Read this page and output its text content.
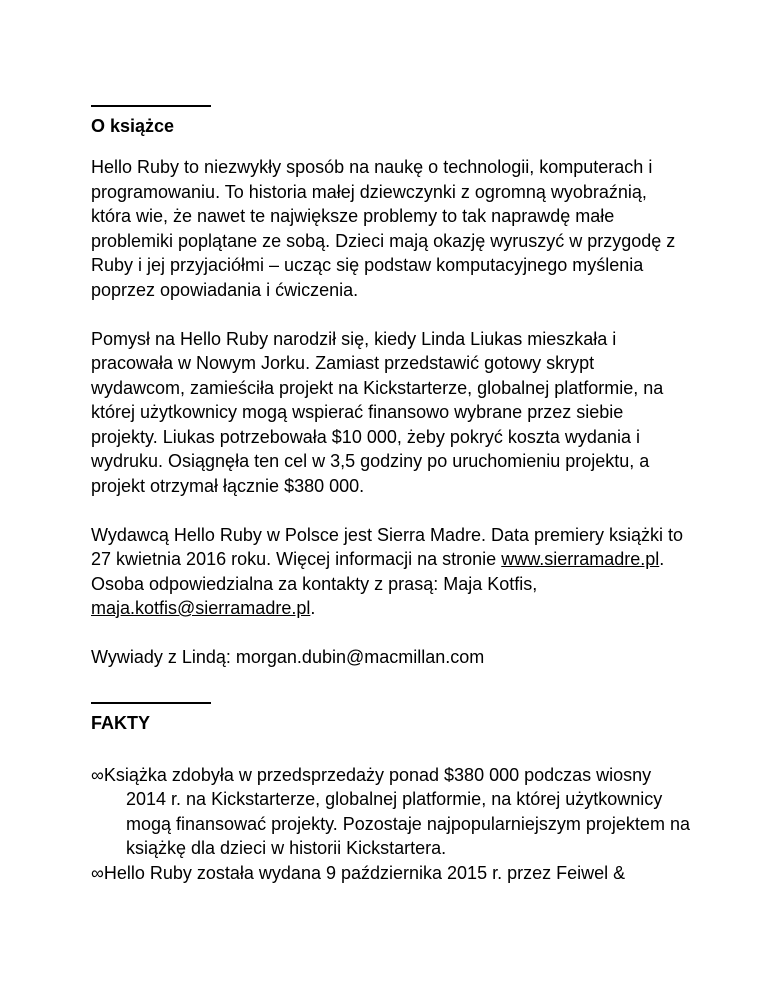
O książce

Hello Ruby to niezwykły sposób na naukę o technologii, komputerach i programowaniu. To historia małej dziewczynki z ogromną wyobraźnią, która wie, że nawet te największe problemy to tak naprawdę małe problemiki poplątane ze sobą. Dzieci mają okazję wyruszyć w przygodę z Ruby i jej przyjaciółmi – ucząc się podstaw komputacyjnego myślenia poprzez opowiadania i ćwiczenia.

Pomysł na Hello Ruby narodził się, kiedy Linda Liukas mieszkała i pracowała w Nowym Jorku. Zamiast przedstawić gotowy skrypt wydawcom, zamieściła projekt na Kickstarterze, globalnej platformie, na której użytkownicy mogą wspierać finansowo wybrane przez siebie projekty. Liukas potrzebowała $10 000, żeby pokryć koszta wydania i wydruku. Osiągnęła ten cel w 3,5 godziny po uruchomieniu projektu, a projekt otrzymał łącznie $380 000.

Wydawcą Hello Ruby w Polsce jest Sierra Madre. Data premiery książki to 27 kwietnia 2016 roku. Więcej informacji na stronie www.sierramadre.pl. Osoba odpowiedzialna za kontakty z prasą: Maja Kotfis, maja.kotfis@sierramadre.pl.

Wywiady z Lindą: morgan.dubin@macmillan.com

FAKTY
∞Książka zdobyła w przedsprzedaży ponad $380 000 podczas wiosny 2014 r. na Kickstarterze, globalnej platformie, na której użytkownicy mogą finansować projekty. Pozostaje najpopularniejszym projektem na książkę dla dzieci w historii Kickstartera.
∞Hello Ruby została wydana 9 października 2015 r. przez Feiwel &
